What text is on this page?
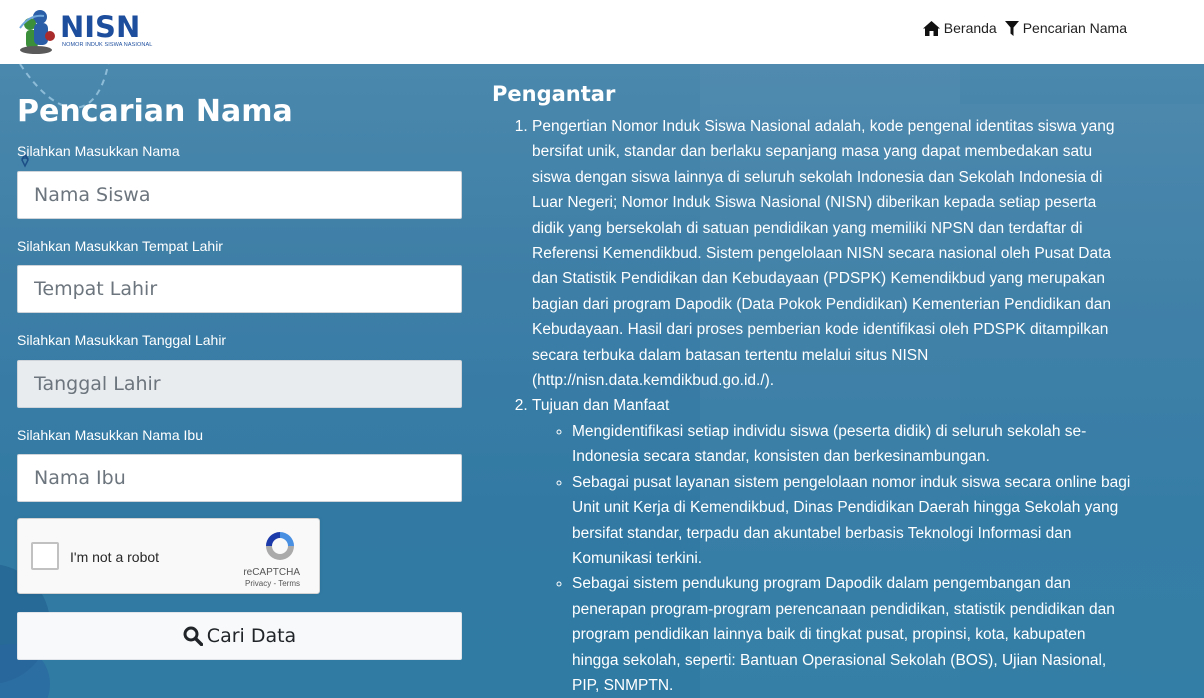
NISN
NOMOR INDUK SISWA NASIONAL
Beranda Pencarian Nama
Pencarian Nama
Silahkan Masukkan Nama
Nama Siswa
Silahkan Masukkan Tempat Lahir
Tempat Lahir
Silahkan Masukkan Tanggal Lahir
Tanggal Lahir
Silahkan Masukkan Nama Ibu
Nama Ibu
I'm not a robot
reCAPTCHA
Privacy - Terms
Cari Data
Pengantar
1. Pengertian Nomor Induk Siswa Nasional adalah, kode pengenal identitas siswa yang bersifat unik, standar dan berlaku sepanjang masa yang dapat membedakan satu siswa dengan siswa lainnya di seluruh sekolah Indonesia dan Sekolah Indonesia di Luar Negeri; Nomor Induk Siswa Nasional (NISN) diberikan kepada setiap peserta didik yang bersekolah di satuan pendidikan yang memiliki NPSN dan terdaftar di Referensi Kemendikbud. Sistem pengelolaan NISN secara nasional oleh Pusat Data dan Statistik Pendidikan dan Kebudayaan (PDSPK) Kemendikbud yang merupakan bagian dari program Dapodik (Data Pokok Pendidikan) Kementerian Pendidikan dan Kebudayaan. Hasil dari proses pemberian kode identifikasi oleh PDSPK ditampilkan secara terbuka dalam batasan tertentu melalui situs NISN (http://nisn.data.kemdikbud.go.id./).
2. Tujuan dan Manfaat
◦ Mengidentifikasi setiap individu siswa (peserta didik) di seluruh sekolah se-Indonesia secara standar, konsisten dan berkesinambungan.
◦ Sebagai pusat layanan sistem pengelolaan nomor induk siswa secara online bagi Unit unit Kerja di Kemendikbud, Dinas Pendidikan Daerah hingga Sekolah yang bersifat standar, terpadu dan akuntabel berbasis Teknologi Informasi dan Komunikasi terkini.
◦ Sebagai sistem pendukung program Dapodik dalam pengembangan dan penerapan program-program perencanaan pendidikan, statistik pendidikan dan program pendidikan lainnya baik di tingkat pusat, propinsi, kota, kabupaten hingga sekolah, seperti: Bantuan Operasional Sekolah (BOS), Ujian Nasional, PIP, SNMPTN.
